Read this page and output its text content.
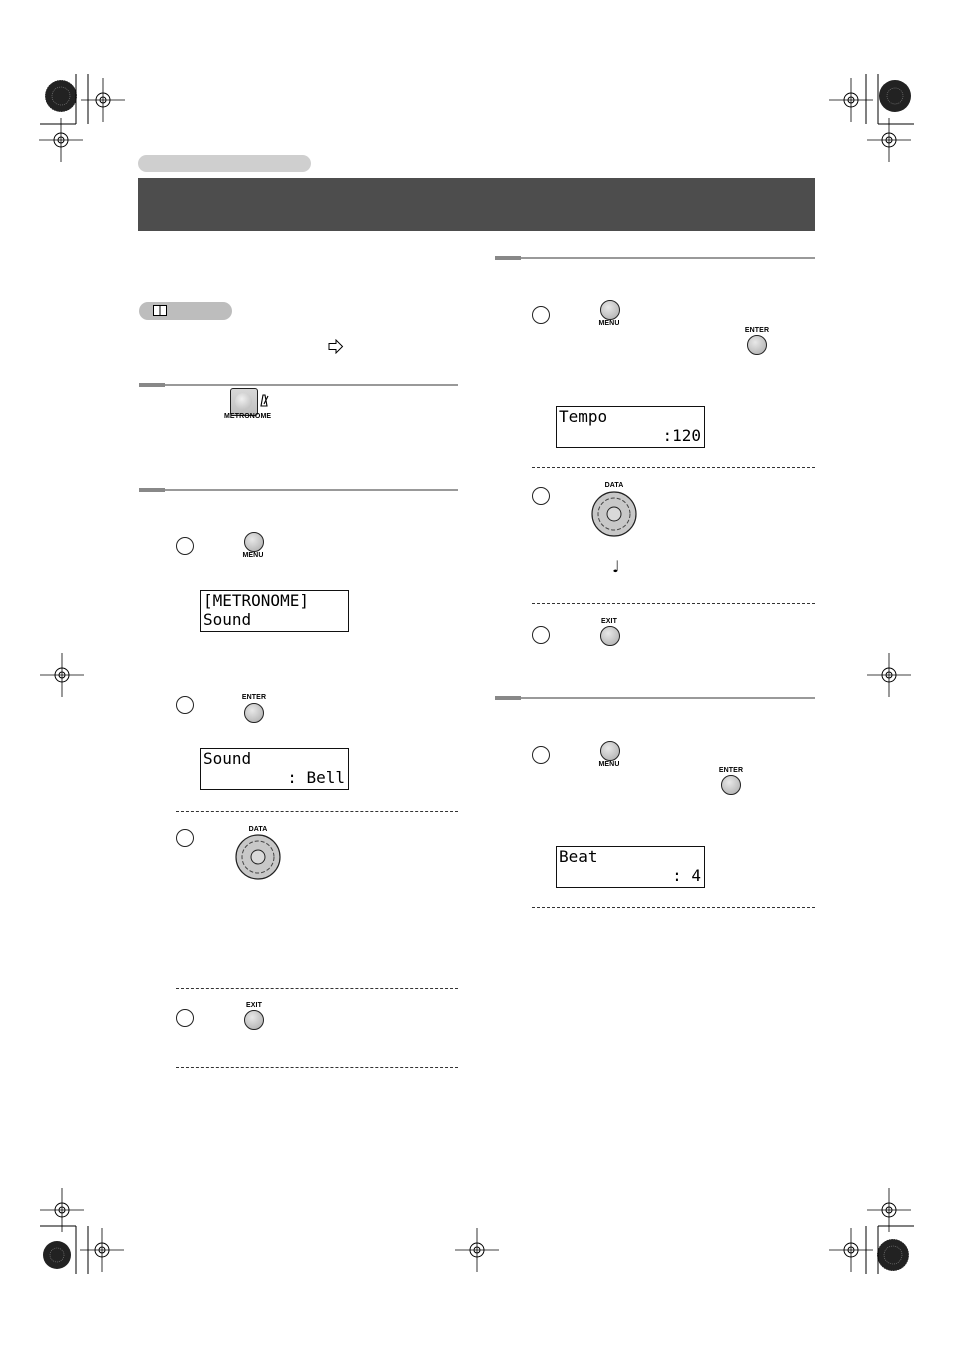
METRONOME
MENU
[METRONOME]
Sound
ENTER
Sound
: Bell
DATA
EXIT
MENU
ENTER
Tempo
:120
DATA
♩
EXIT
MENU
ENTER
Beat
: 4
